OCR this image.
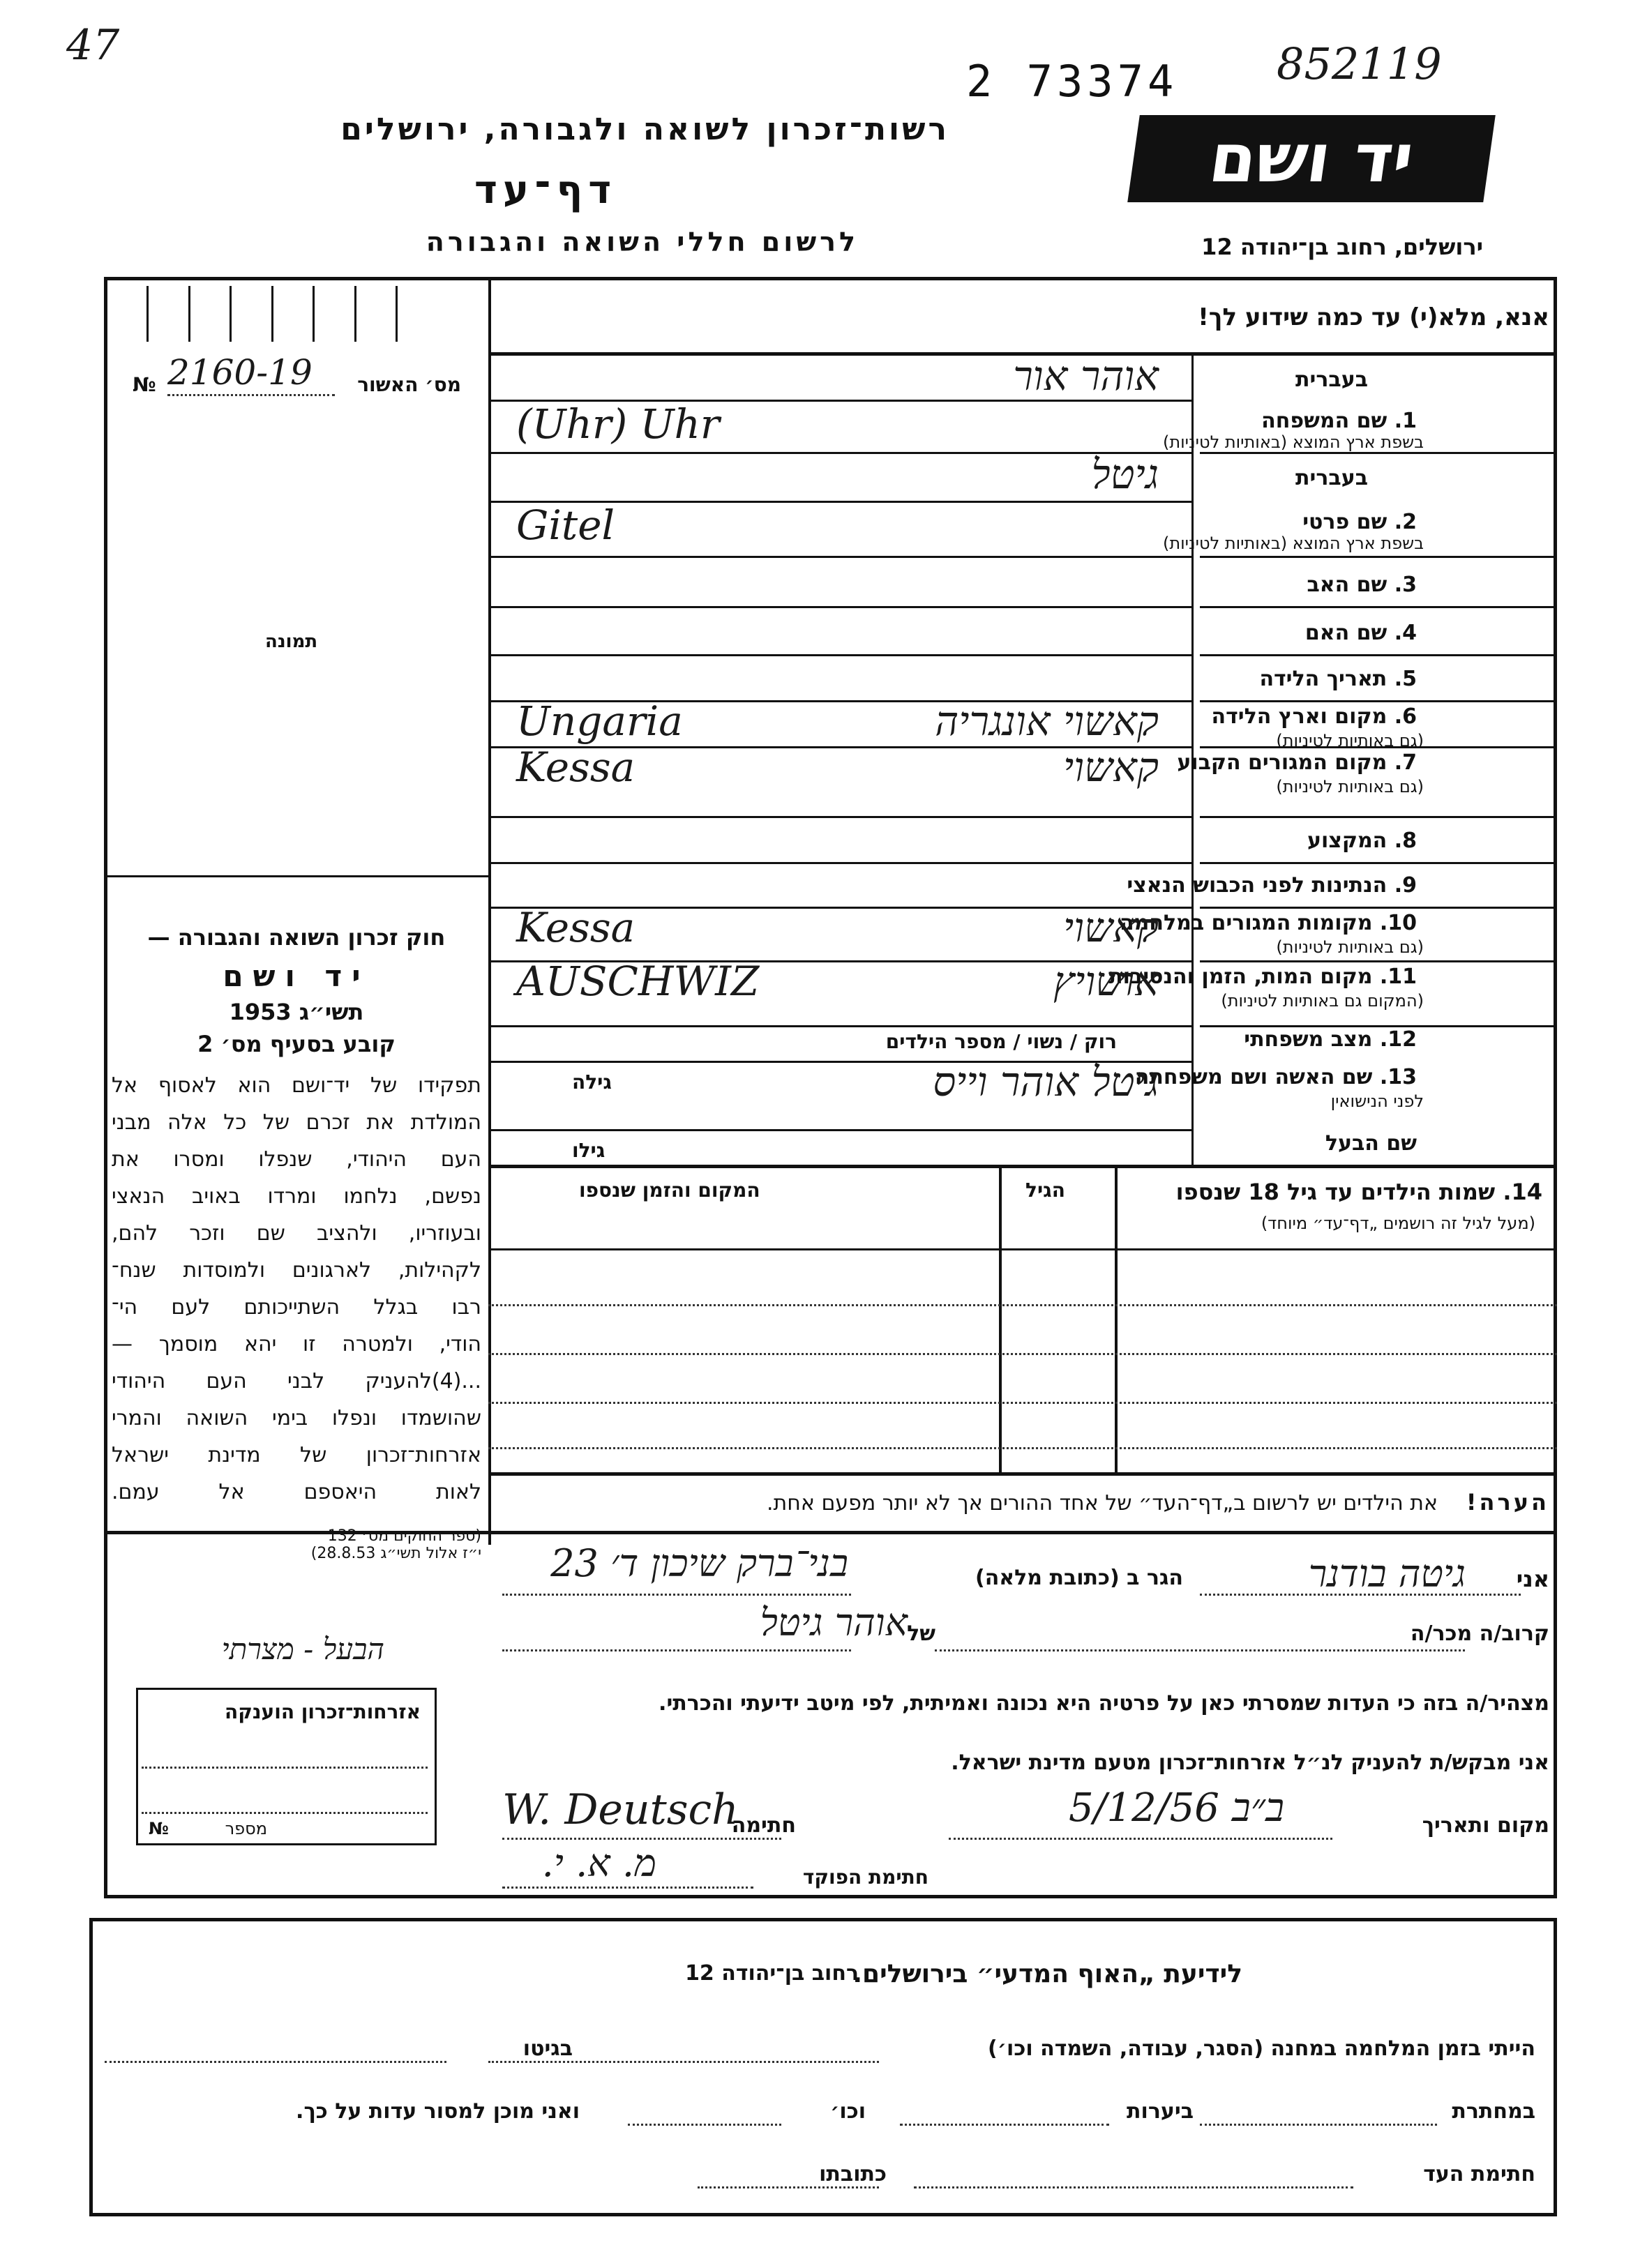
47
2 73374 852119
רשות־זכרון לשואה ולגבורה, ירושלים
דף־עד
לרשום חללי השואה והגבורה
יד ושם
ירושלים, רחוב בן־יהודה 12
№ 2160-19 מס׳ האשור
תמונה
חוק זכרון השואה והגבורה —
יד ושם
תשי״ג 1953
קובע בסעיף מס׳ 2
תפקידו של יד־ושם הוא לאסוף אל
המולדת את זכרם של כל אלה מבני
העם היהודי, שנפלו ומסרו את
נפשם, נלחמו ומרדו באויב הנאצי
ובעוזריו, ולהציב שם וזכר להם,
לקהילות, לארגונים ולמוסדות שנח־
רבו בגלל השתייכותם לעם הי־
הודי, ולמטרה זו יהא מוסמך —
...(4)להעניק לבני העם היהודי
שהושמדו ונפלו בימי השואה והמרי
אזרחות־זכרון של מדינת ישראל
לאות היאספם אל עמם.
(ספר החוקים מס׳ 132
י״ז אלול תשי״ג 28.8.53)
אזרחות־זכרון הוענקה
מספר
№
אנא, מלא(י) עד כמה שידוע לך!
בעברית
1. שם המשפחה
בשפת ארץ המוצא (באותיות לטיניות)
אוהר אור
(Uhr) Uhr
בעברית
2. שם פרטי
בשפת ארץ המוצא (באותיות לטיניות)
גיטל
Gitel
3. שם האב
4. שם האם
5. תאריך הלידה
6. מקום וארץ הלידה
(גם באותיות לטיניות)
קאשוי אונגריה
Ungaria
7. מקום המגורים הקבוע
(גם באותיות לטיניות)
קאשוי
Kessa
8. המקצוע
9. הנתינות לפני הכבוש הנאצי
10. מקומות המגורים במלחמה
(גם באותיות לטיניות)
קאשוי
Kessa
11. מקום המות, הזמן והנסיבות
(המקום גם באותיות לטיניות)
אושויץ
AUSCHWIZ
12. מצב משפחתי
רוק / נשוי / מספר הילדים
13. שם האשה ושם משפחתה
לפני הנישואין
גיטל אוהר וייס
גילה
שם הבעל
גילו
14. שמות הילדים עד גיל 18 שנספו
(מעל לגיל זה רושמים „דף־עד״ מיוחד)
הגיל
המקום והזמן שנספו
הערה!
את הילדים יש לרשום ב„דף־העד״ של אחד ההורים אך לא יותר מפעם אחת.
אני
גיטה בודנר
הגר ב (כתובת מלאה)
בני־ברק שיכון ד׳ 23
הבעל - מצרתי	קרוב/ה מכר/ה
של
אוהר גיטל
מצהיר/ה בזה כי העדות שמסרתי כאן על פרטיה היא נכונה ואמיתית, לפי מיטב ידיעתי והכרתי.
אני מבקש/ת להעניק לנ״ל אזרחות־זכרון מטעם מדינת ישראל.
מקום ותאריך
ב״ב 5/12/56
חתימה
W. Deutsch
חתימת הפוקד
מ. א. י.
לידיעת „האוף המדעי״ בירושלים.
רחוב בן־יהודה 12
הייתי בזמן המלחמה במחנה (הסגר, עבודה, השמדה וכו׳)
בגיטו
במחתרת
ביערות
וכו׳
ואני מוכן למסור עדות על כך.
חתימת העד
כתובתו
